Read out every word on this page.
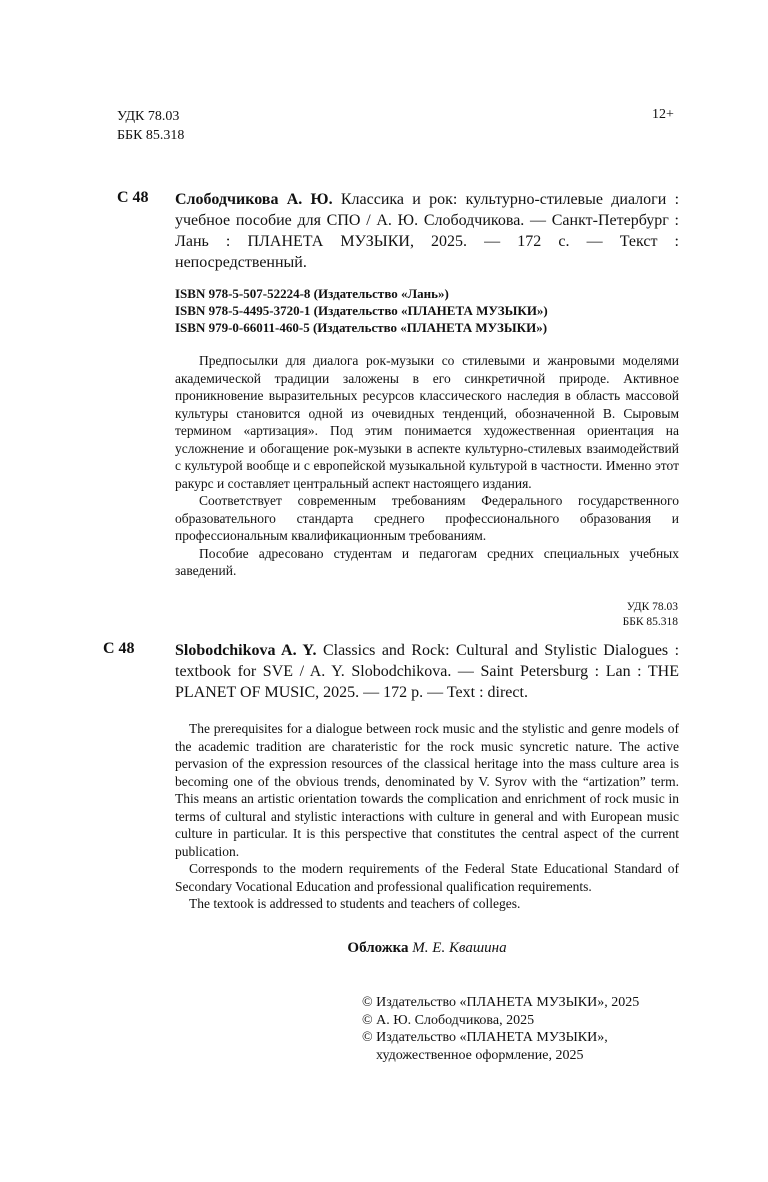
УДК 78.03
ББК 85.318
12+
С 48 Слободчикова А. Ю. Классика и рок: культурно-стилевые диалоги : учебное пособие для СПО / А. Ю. Слободчикова. — Санкт-Петербург : Лань : ПЛАНЕТА МУЗЫКИ, 2025. — 172 с. — Текст : непосредственный.
ISBN 978-5-507-52224-8 (Издательство «Лань»)
ISBN 978-5-4495-3720-1 (Издательство «ПЛАНЕТА МУЗЫКИ»)
ISBN 979-0-66011-460-5 (Издательство «ПЛАНЕТА МУЗЫКИ»)

Предпосылки для диалога рок-музыки со стилевыми и жанровыми моделями академической традиции заложены в его синкретичной природе. Активное проникновение выразительных ресурсов классического наследия в область массовой культуры становится одной из очевидных тенденций, обозначенной В. Сыровым термином «артизация». Под этим понимается художественная ориентация на усложнение и обогащение рок-музыки в аспекте культурно-стилевых взаимодействий с культурой вообще и с европейской музыкальной культурой в частности. Именно этот ракурс и составляет центральный аспект настоящего издания.

Соответствует современным требованиям Федерального государственного образовательного стандарта среднего профессионального образования и профессиональным квалификационным требованиям.

Пособие адресовано студентам и педагогам средних специальных учебных заведений.

УДК 78.03
ББК 85.318
С 48	Slobodchikova A. Y. Classics and Rock: Cultural and Stylistic Dialogues : textbook for SVE / A. Y. Slobodchikova. — Saint Petersburg : Lan : THE PLANET OF MUSIC, 2025. — 172 p. — Text : direct.

The prerequisites for a dialogue between rock music and the stylistic and genre models of the academic tradition are charateristic for the rock music syncretic nature. The active pervasion of the expression resources of the classical heritage into the mass culture area is becoming one of the obvious trends, denominated by V. Syrov with the “artization” term. This means an artistic orientation towards the complication and enrichment of rock music in terms of cultural and stylistic interactions with culture in general and with European music culture in particular. It is this perspective that constitutes the central aspect of the current publication.

Corresponds to the modern requirements of the Federal State Educational Standard of Secondary Vocational Education and professional qualification requirements.

The textook is addressed to students and teachers of colleges.

Обложка М. Е. Квашина
© Издательство «ПЛАНЕТА МУЗЫКИ», 2025
© А. Ю. Слободчикова, 2025
© Издательство «ПЛАНЕТА МУЗЫКИ»,
художественное оформление, 2025
